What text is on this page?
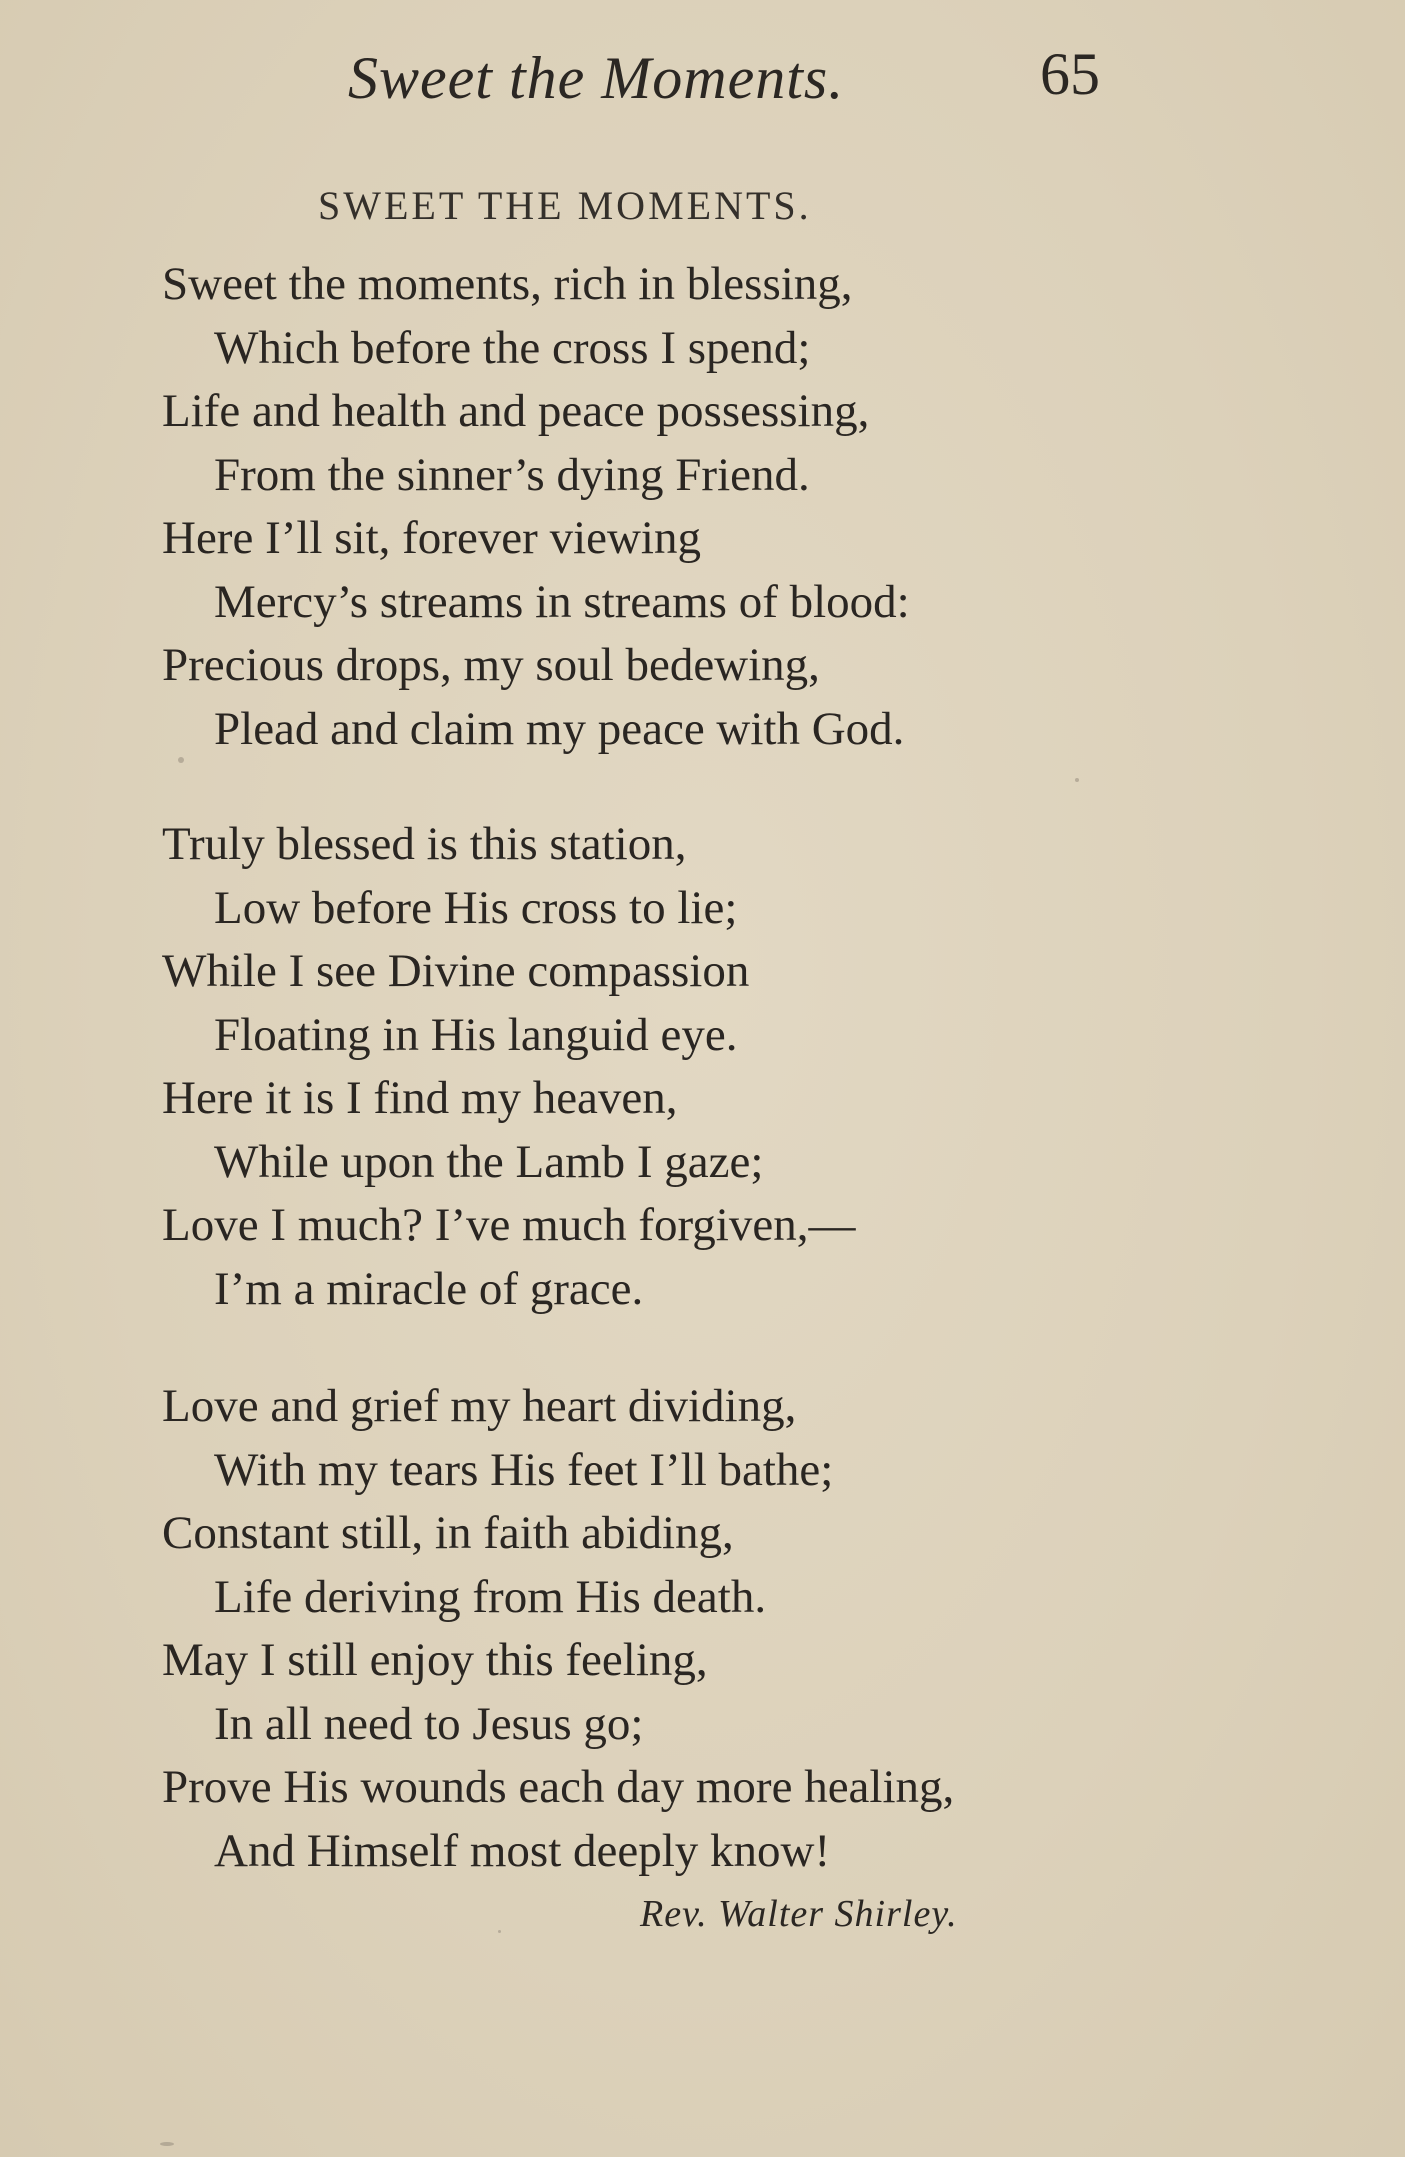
Sweet the Moments.	65
SWEET THE MOMENTS.
Sweet the moments, rich in blessing,
Which before the cross I spend;
Life and health and peace possessing,
From the sinner’s dying Friend.
Here I’ll sit, forever viewing
Mercy’s streams in streams of blood:
Precious drops, my soul bedewing,
Plead and claim my peace with God.
Truly blessed is this station,
Low before His cross to lie;
While I see Divine compassion
Floating in His languid eye.
Here it is I find my heaven,
While upon the Lamb I gaze;
Love I much? I’ve much forgiven,—
I’m a miracle of grace.
Love and grief my heart dividing,
With my tears His feet I’ll bathe;
Constant still, in faith abiding,
Life deriving from His death.
May I still enjoy this feeling,
In all need to Jesus go;
Prove His wounds each day more healing,
And Himself most deeply know!
Rev. Walter Shirley.
